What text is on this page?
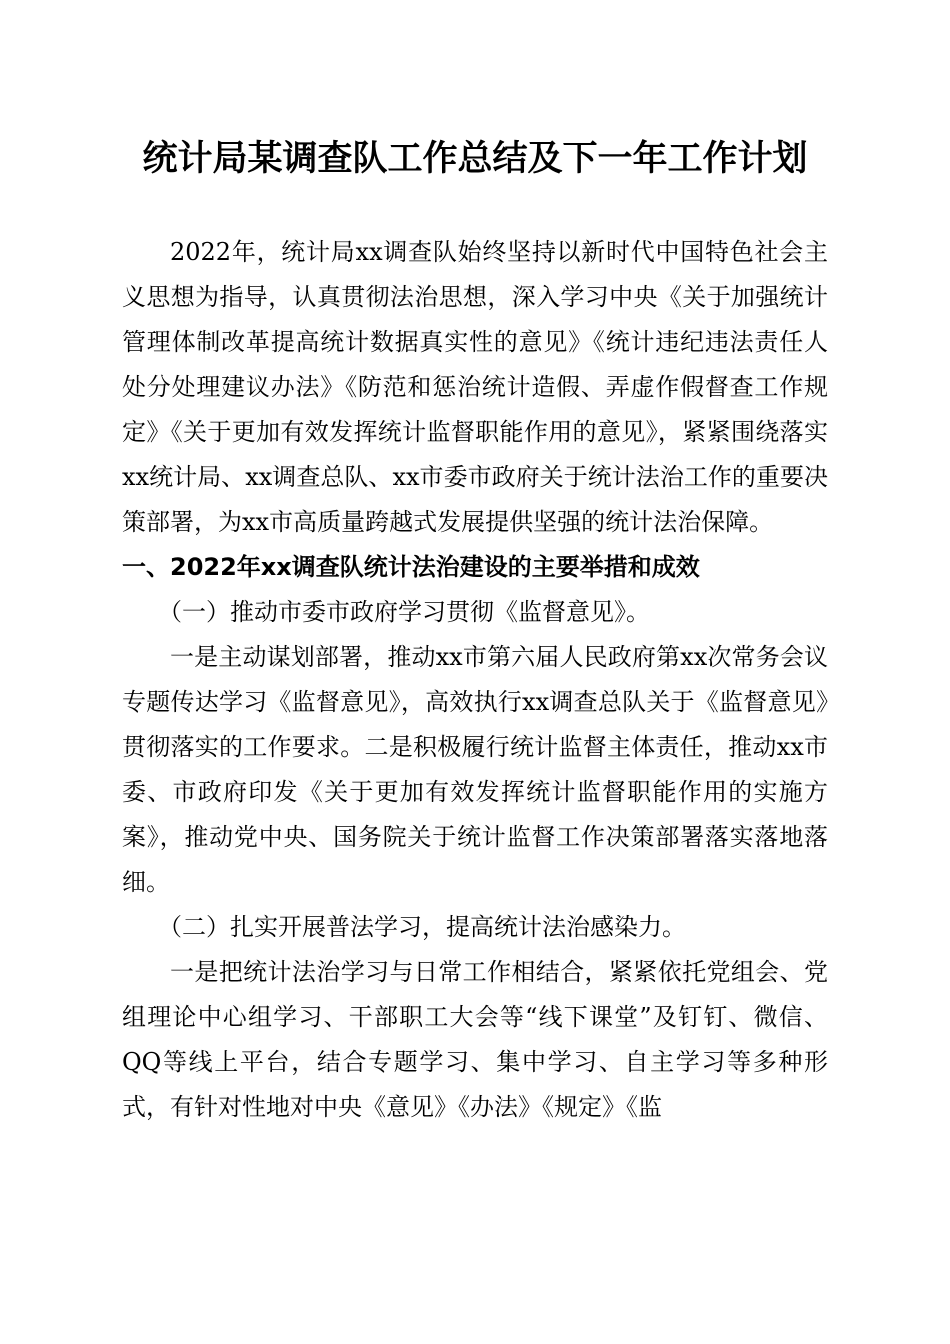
统计局某调查队工作总结及下一年工作计划

2022年，统计局xx调查队始终坚持以新时代中国特色社会主义思想为指导，认真贯彻法治思想，深入学习中央《关于加强统计管理体制改革提高统计数据真实性的意见》《统计违纪违法责任人处分处理建议办法》《防范和惩治统计造假、弄虚作假督查工作规定》《关于更加有效发挥统计监督职能作用的意见》，紧紧围绕落实xx统计局、xx调查总队、xx市委市政府关于统计法治工作的重要决策部署，为xx市高质量跨越式发展提供坚强的统计法治保障。

一、2022年xx调查队统计法治建设的主要举措和成效

（一）推动市委市政府学习贯彻《监督意见》。

一是主动谋划部署，推动xx市第六届人民政府第xx次常务会议专题传达学习《监督意见》，高效执行xx调查总队关于《监督意见》贯彻落实的工作要求。二是积极履行统计监督主体责任，推动xx市委、市政府印发《关于更加有效发挥统计监督职能作用的实施方案》，推动党中央、国务院关于统计监督工作决策部署落实落地落细。

（二）扎实开展普法学习，提高统计法治感染力。

一是把统计法治学习与日常工作相结合，紧紧依托党组会、党组理论中心组学习、干部职工大会等“线下课堂”及钉钉、微信、QQ等线上平台，结合专题学习、集中学习、自主学习等多种形式，有针对性地对中央《意见》《办法》《规定》《监
